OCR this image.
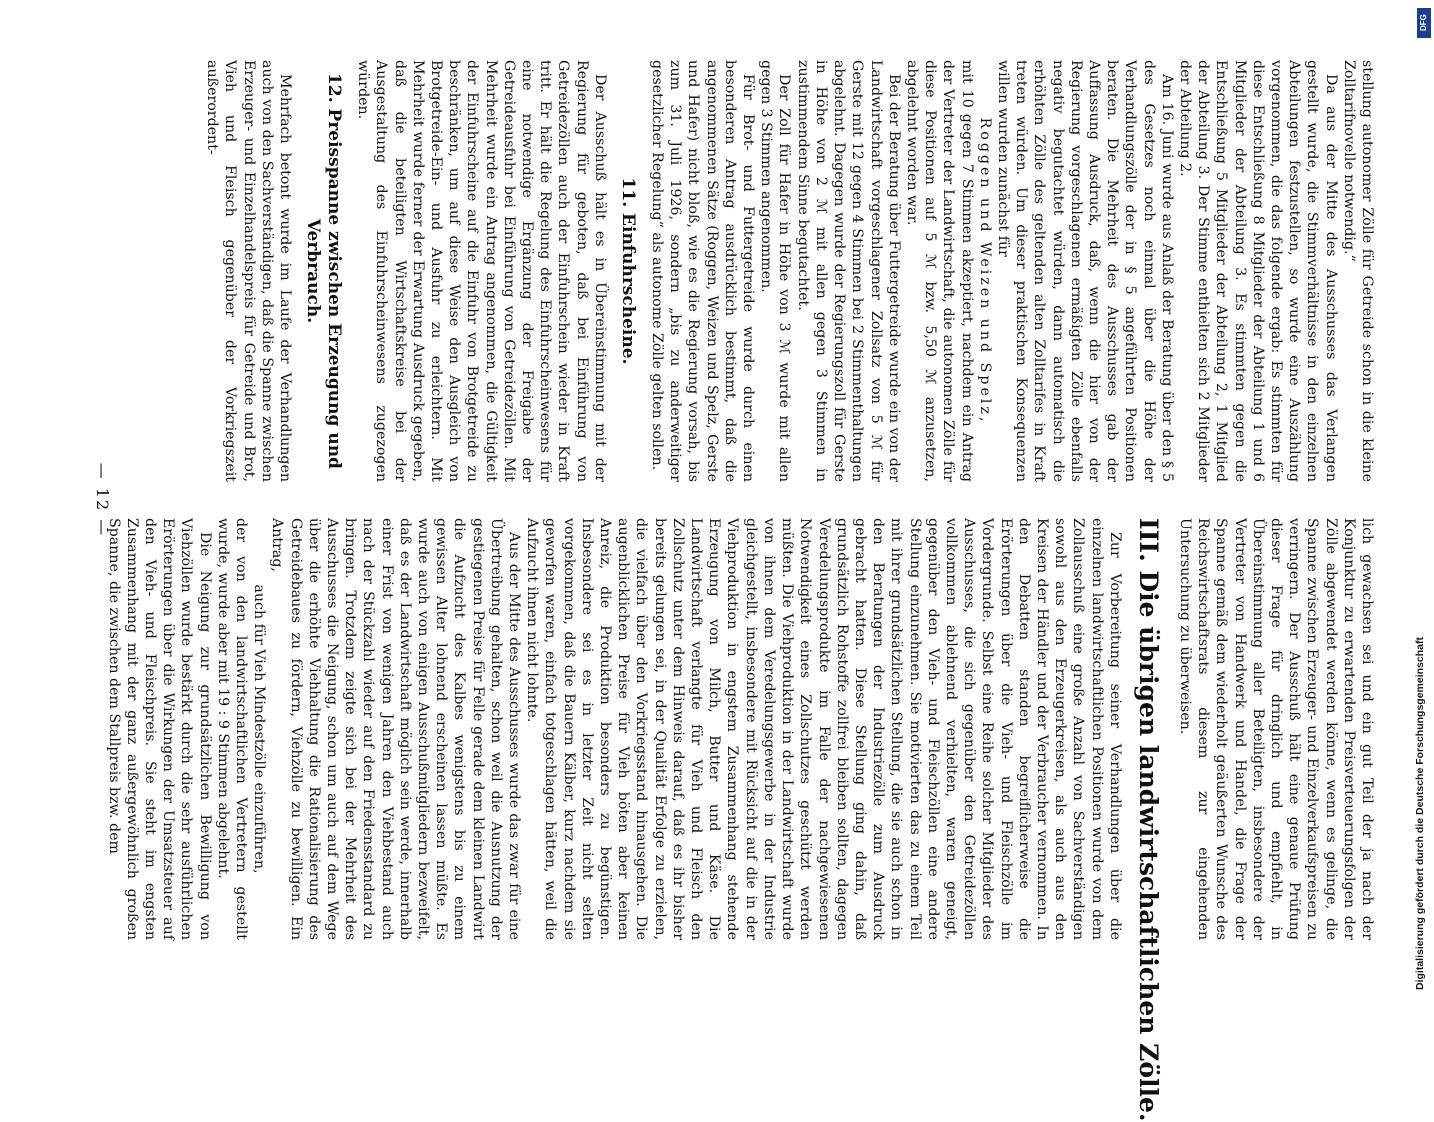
stellung autonomer Zölle für Getreide schon in die kleine Zolltarifnovelle notwendig.“

Da aus der Mitte des Ausschusses das Verlangen gestellt wurde, die Stimmverhältnisse in den einzelnen Abteilungen festzustellen, so wurde eine Auszählung vorgenommen, die das folgende ergab: Es stimmten für diese Entschließung 8 Mitglieder der Abteilung 1 und 6 Mitglieder der Abteilung 3. Es stimmten gegen die Entschließung 5 Mitglieder der Abteilung 2, 1 Mitglied der Abteilung 3. Der Stimme enthielten sich 2 Mitglieder der Abteilung 2.

Am 16. Juni wurde aus Anlaß der Beratung über den § 5 des Gesetzes noch einmal über die Höhe der Verhandlungszölle der in § 5 angeführten Positionen beraten. Die Mehrheit des Ausschusses gab der Auffassung Ausdruck, daß, wenn die hier von der Regierung vorgeschlagenen ermäßigten Zölle ebenfalls negativ begutachtet würden, dann automatisch die erhöhten Zölle des geltenden alten Zolltarifes in Kraft treten würden. Um dieser praktischen Konsequenzen willen wurden zunächst für

Roggen und Weizen und Spelz,

mit 10 gegen 7 Stimmen akzeptiert, nachdem ein Antrag der Vertreter der Landwirtschaft, die autonomen Zölle für diese Positionen auf 5 ℳ bzw. 5,50 ℳ anzusetzen, abgelehnt worden war.

Bei der Beratung über Futtergetreide wurde ein von der Landwirtschaft vorgeschlagener Zollsatz von 5 ℳ für Gerste mit 12 gegen 4 Stimmen bei 2 Stimmenthaltungen abgelehnt. Dagegen wurde der Regierungszoll für Gerste in Höhe von 2 ℳ mit allen gegen 3 Stimmen in zustimmendem Sinne begutachtet.

Der Zoll für Hafer in Höhe von 3 ℳ wurde mit allen gegen 3 Stimmen angenommen.

Für Brot- und Futtergetreide wurde durch einen besonderen Antrag ausdrücklich bestimmt, daß die angenommenen Sätze (Roggen, Weizen und Spelz, Gerste und Hafer) nicht bloß, wie es die Regierung vorsah, bis zum 31. Juli 1926, sondern „bis zu anderweitiger gesetzlicher Regelung“ als autonome Zölle gelten sollen.

11. Einfuhrscheine.

Der Ausschuß hält es in Übereinstimmung mit der Regierung für geboten, daß bei Einführung von Getreidezöllen auch der Einfuhrschein wieder in Kraft tritt. Er hält die Regelung des Einfuhrscheinwesens für eine notwendige Ergänzung der Freigabe der Getreideausfuhr bei Einführung von Getreidezöllen. Mit Mehrheit wurde ein Antrag angenommen, die Gültigkeit der Einfuhrscheine auf die Einfuhr von Brotgetreide zu beschränken, um auf diese Weise den Ausgleich von Brotgetreide-Ein- und Ausfuhr zu erleichtern. Mit Mehrheit wurde ferner der Erwartung Ausdruck gegeben, daß die beteiligten Wirtschaftskreise bei der Ausgestaltung des Einfuhrscheinwesens zugezogen würden.

12. Preisspanne zwischen Erzeugung und Verbrauch.

Mehrfach betont wurde im Laufe der Verhandlungen auch von den Sachverständigen, daß die Spanne zwischen Erzeuger- und Einzelhandelspreis für Getreide und Brot, Vieh und Fleisch gegenüber der Vorkriegszeit außerordent-

lich gewachsen sei und ein gut Teil der ja nach der Konjunktur zu erwartenden Preisverteuerungsfolgen der Zölle abgewendet werden könne, wenn es gelinge, die Spanne zwischen Erzeuger- und Einzelverkaufspreisen zu verringern. Der Ausschuß hält eine genaue Prüfung dieser Frage für dringlich und empfiehlt, in Übereinstimmung aller Beteiligten, insbesondere der Vertreter von Handwerk und Handel, die Frage der Spanne gemäß dem wiederholt geäußerten Wunsche des Reichswirtschaftsrats diesem zur eingehenden Untersuchung zu überweisen.

III. Die übrigen landwirtschaftlichen Zölle.

Zur Vorbereitung seiner Verhandlungen über die einzelnen landwirtschaftlichen Positionen wurde von dem Zollausschuß eine große Anzahl von Sachverständigen sowohl aus den Erzeugerkreisen, als auch aus den Kreisen der Händler und der Verbraucher vernommen. In den Debatten standen begreiflicherweise die Erörterungen über die Vieh- und Fleischzölle im Vordergrunde. Selbst eine Reihe solcher Mitglieder des Ausschusses, die sich gegenüber den Getreidezöllen vollkommen ablehnend verhielten, waren geneigt, gegenüber den Vieh- und Fleischzöllen eine andere Stellung einzunehmen. Sie motivierten das zu einem Teil mit ihrer grundsätzlichen Stellung, die sie auch schon in den Beratungen der Industriezölle zum Ausdruck gebracht hatten. Diese Stellung ging dahin, daß grundsätzlich Rohstoffe zollfrei bleiben sollten, dagegen Veredelungsprodukte im Falle der nachgewiesenen Notwendigkeit eines Zollschutzes geschützt werden müßten. Die Viehproduktion in der Landwirtschaft wurde von ihnen dem Veredelungsgewerbe in der Industrie gleichgestellt, insbesondere mit Rücksicht auf die in der Viehproduktion in engstem Zusammenhang stehende Erzeugung von Milch, Butter und Käse. Die Landwirtschaft verlangte für Vieh und Fleisch den Zollschutz unter dem Hinweis darauf, daß es ihr bisher bereits gelungen sei, in der Qualität Erfolge zu erzielen, die vielfach über den Vorkriegsstand hinausgehen. Die augenblicklichen Preise für Vieh böten aber keinen Anreiz, die Produktion besonders zu begünstigen. Insbesondere sei es in letzter Zeit nicht selten vorgekommen, daß die Bauern Kälber, kurz nachdem sie geworfen waren, einfach totgeschlagen hätten, weil die Aufzucht ihnen nicht lohnte.

Aus der Mitte des Ausschusses wurde das zwar für eine Übertreibung gehalten, schon weil die Ausnutzung der gestiegenen Preise für Felle gerade dem kleinen Landwirt die Aufzucht des Kalbes wenigstens bis zu einem gewissen Alter lohnend erscheinen lassen müßte. Es wurde auch von einigen Ausschußmitgliedern bezweifelt, daß es der Landwirtschaft möglich sein werde, innerhalb einer Frist von wenigen Jahren den Viehbestand auch nach der Stückzahl wieder auf den Friedensstandard zu bringen. Trotzdem zeigte sich bei der Mehrheit des Ausschusses die Neigung, schon um auch auf dem Wege über die erhöhte Viehhaltung die Rationalisierung des Getreidebaues zu fördern, Viehzölle zu bewilligen. Ein Antrag,

auch für Vieh Mindestzölle einzuführen,

der von den landwirtschaftlichen Vertretern gestellt wurde, wurde aber mit 19 : 9 Stimmen abgelehnt.

Die Neigung zur grundsätzlichen Bewilligung von Viehzöllen wurde bestärkt durch die sehr ausführlichen Erörterungen über die Wirkungen der Umsatzsteuer auf den Vieh- und Fleischpreis. Sie steht im engsten Zusammenhang mit der ganz außergewöhnlich großen Spanne, die zwischen dem Stallpreis bzw. dem

— 12 —
DFG
Digitalisierung gefördert durch die Deutsche Forschungsgemeinschaft
